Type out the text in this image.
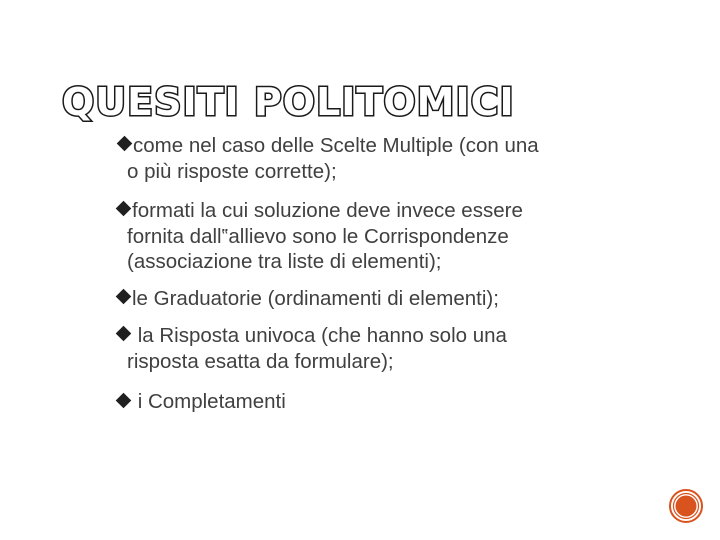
QUESITI POLITOMICI
come nel caso delle Scelte Multiple (con una
o più risposte corrette);
formati la cui soluzione deve invece essere
fornita dall‟allievo sono le Corrispondenze
(associazione tra liste di elementi);
le Graduatorie (ordinamenti di elementi);
la Risposta univoca (che hanno solo una
risposta esatta da formulare);
i Completamenti
